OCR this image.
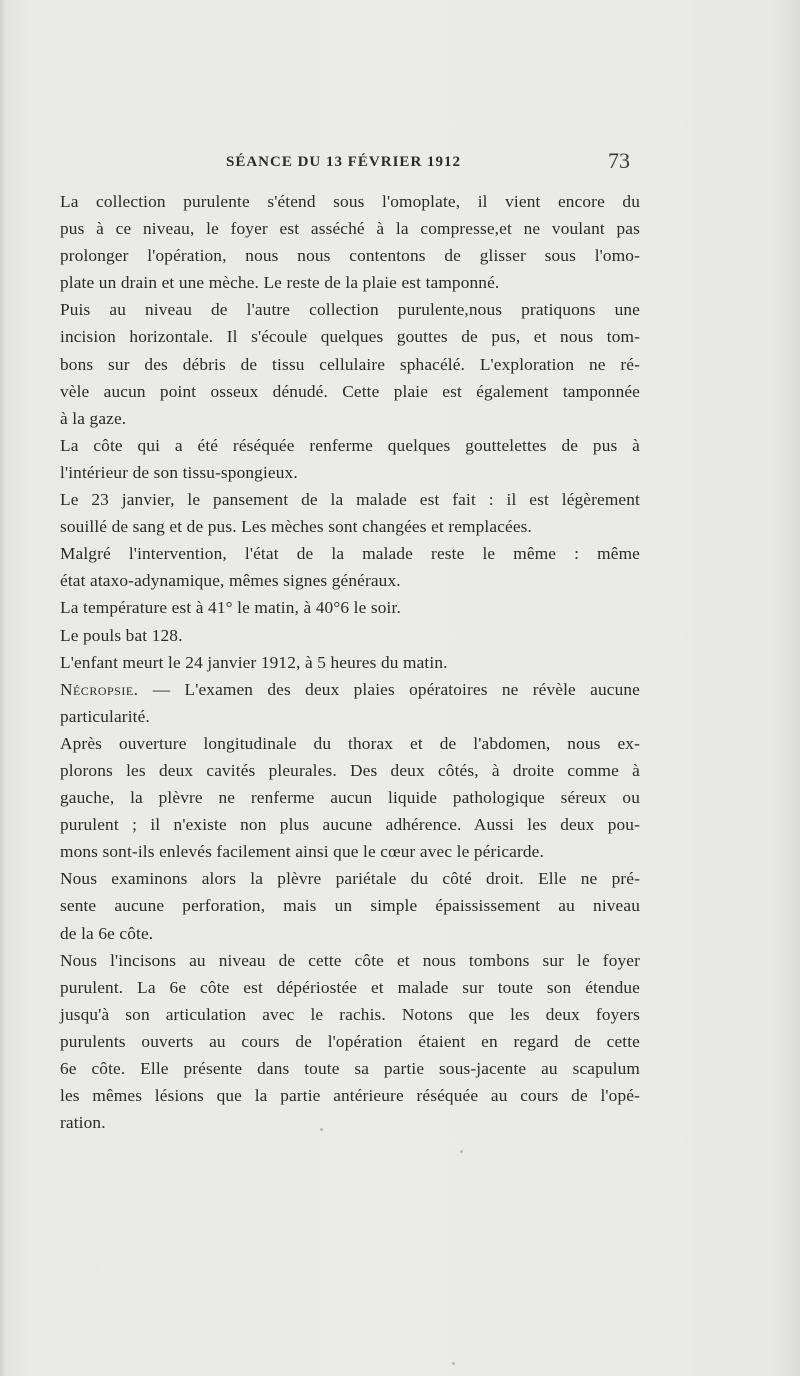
SÉANCE DU 13 FÉVRIER 1912	73
La collection purulente s'étend sous l'omoplate, il vient encore du
pus à ce niveau, le foyer est asséché à la compresse,et ne voulant pas
prolonger l'opération, nous nous contentons de glisser sous l'omo-
plate un drain et une mèche. Le reste de la plaie est tamponné.
Puis au niveau de l'autre collection purulente,nous pratiquons une
incision horizontale. Il s'écoule quelques gouttes de pus, et nous tom-
bons sur des débris de tissu cellulaire sphacélé. L'exploration ne ré-
vèle aucun point osseux dénudé. Cette plaie est également tamponnée
à la gaze.
La côte qui a été réséquée renferme quelques gouttelettes de pus à
l'intérieur de son tissu-spongieux.
Le 23 janvier, le pansement de la malade est fait : il est légèrement
souillé de sang et de pus. Les mèches sont changées et remplacées.
Malgré l'intervention, l'état de la malade reste le même : même
état ataxo-adynamique, mêmes signes généraux.
La température est à 41° le matin, à 40°6 le soir.
Le pouls bat 128.
L'enfant meurt le 24 janvier 1912, à 5 heures du matin.
Nécropsie. — L'examen des deux plaies opératoires ne révèle aucune
particularité.
Après ouverture longitudinale du thorax et de l'abdomen, nous ex-
plorons les deux cavités pleurales. Des deux côtés, à droite comme à
gauche, la plèvre ne renferme aucun liquide pathologique séreux ou
purulent ; il n'existe non plus aucune adhérence. Aussi les deux pou-
mons sont-ils enlevés facilement ainsi que le cœur avec le péricarde.
Nous examinons alors la plèvre pariétale du côté droit. Elle ne pré-
sente aucune perforation, mais un simple épaississement au niveau
de la 6e côte.
Nous l'incisons au niveau de cette côte et nous tombons sur le foyer
purulent. La 6e côte est dépériostée et malade sur toute son étendue
jusqu'à son articulation avec le rachis. Notons que les deux foyers
purulents ouverts au cours de l'opération étaient en regard de cette
6e côte. Elle présente dans toute sa partie sous-jacente au scapulum
les mêmes lésions que la partie antérieure réséquée au cours de l'opé-
ration.
